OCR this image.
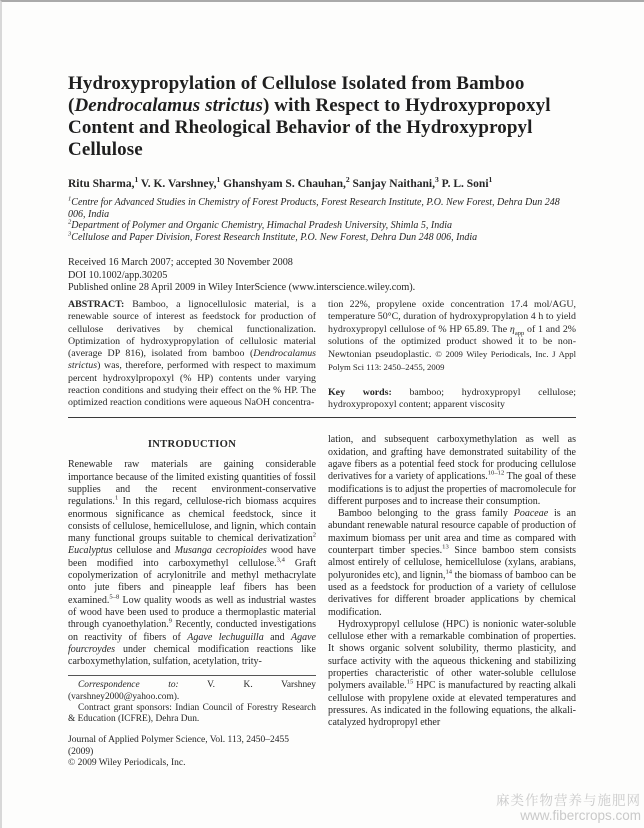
Hydroxypropylation of Cellulose Isolated from Bamboo
(Dendrocalamus strictus) with Respect to Hydroxypropoxyl
Content and Rheological Behavior of the Hydroxypropyl
Cellulose
Ritu Sharma,$^1$ V. K. Varshney,$^1$ Ghanshyam S. Chauhan,$^2$ Sanjay Naithani,$^3$ P. L. Soni$^1$
$^1$Centre for Advanced Studies in Chemistry of Forest Products, Forest Research Institute, P.O. New Forest, Dehra Dun 248 006, India
$^2$Department of Polymer and Organic Chemistry, Himachal Pradesh University, Shimla 5, India
$^3$Cellulose and Paper Division, Forest Research Institute, P.O. New Forest, Dehra Dun 248 006, India
Received 16 March 2007; accepted 30 November 2008
DOI 10.1002/app.30205
Published online 28 April 2009 in Wiley InterScience (www.interscience.wiley.com).

ABSTRACT: Bamboo, a lignocellulosic material, is a renewable source of interest as feedstock for production of cellulose derivatives by chemical functionalization. Optimization of hydroxypropylation of cellulosic material (average DP 816), isolated from bamboo (Dendrocalamus strictus) was, therefore, performed with respect to maximum percent hydroxylpropoxyl (% HP) contents under varying reaction conditions and studying their effect on the % HP. The optimized reaction conditions were aqueous NaOH concentra-

tion 22%, propylene oxide concentration 17.4 mol/AGU, temperature 50°C, duration of hydroxypropylation 4 h to yield hydroxypropyl cellulose of % HP 65.89. The $\eta_{app}$ of 1 and 2% solutions of the optimized product showed it to be non-Newtonian pseudoplastic. © 2009 Wiley Periodicals, Inc. J Appl Polym Sci 113: 2450–2455, 2009

Key words: bamboo; hydroxypropyl cellulose; hydroxypropoxyl content; apparent viscosity

INTRODUCTION

Renewable raw materials are gaining considerable importance because of the limited existing quantities of fossil supplies and the recent environment-conservative regulations.$^1$ In this regard, cellulose-rich biomass acquires enormous significance as chemical feedstock, since it consists of cellulose, hemicellulose, and lignin, which contain many functional groups suitable to chemical derivatization$^2$ Eucalyptus cellulose and Musanga cecropioides wood have been modified into carboxymethyl cellulose.$^{3,4}$ Graft copolymerization of acrylonitrile and methyl methacrylate onto jute fibers and pineapple leaf fibers has been examined.$^{5-8}$ Low quality woods as well as industrial wastes of wood have been used to produce a thermoplastic material through cyanoethylation.$^9$ Recently, conducted investigations on reactivity of fibers of Agave lechuguilla and Agave fourcroydes under chemical modification reactions like carboxymethylation, sulfation, acetylation, trity-

Correspondence to: V. K. Varshney (varshney2000@yahoo.com).

Contract grant sponsors: Indian Council of Forestry Research & Education (ICFRE), Dehra Dun.

Journal of Applied Polymer Science, Vol. 113, 2450–2455 (2009)

© 2009 Wiley Periodicals, Inc.

lation, and subsequent carboxymethylation as well as oxidation, and grafting have demonstrated suitability of the agave fibers as a potential feed stock for producing cellulose derivatives for a variety of applications.$^{10-12}$ The goal of these modifications is to adjust the properties of macromolecule for different purposes and to increase their consumption.

Bamboo belonging to the grass family Poaceae is an abundant renewable natural resource capable of production of maximum biomass per unit area and time as compared with counterpart timber species.$^{13}$ Since bamboo stem consists almost entirely of cellulose, hemicellulose (xylans, arabians, polyuronides etc), and lignin,$^{14}$ the biomass of bamboo can be used as a feedstock for production of a variety of cellulose derivatives for different broader applications by chemical modification.

Hydroxypropyl cellulose (HPC) is nonionic water-soluble cellulose ether with a remarkable combination of properties. It shows organic solvent solubility, thermo plasticity, and surface activity with the aqueous thickening and stabilizing properties characteristic of other water-soluble cellulose polymers available.$^{15}$ HPC is manufactured by reacting alkali cellulose with propylene oxide at elevated temperatures and pressures. As indicated in the following equations, the alkali-catalyzed hydropropyl ether

麻类作物营养与施肥网
www.fibercrops.com
